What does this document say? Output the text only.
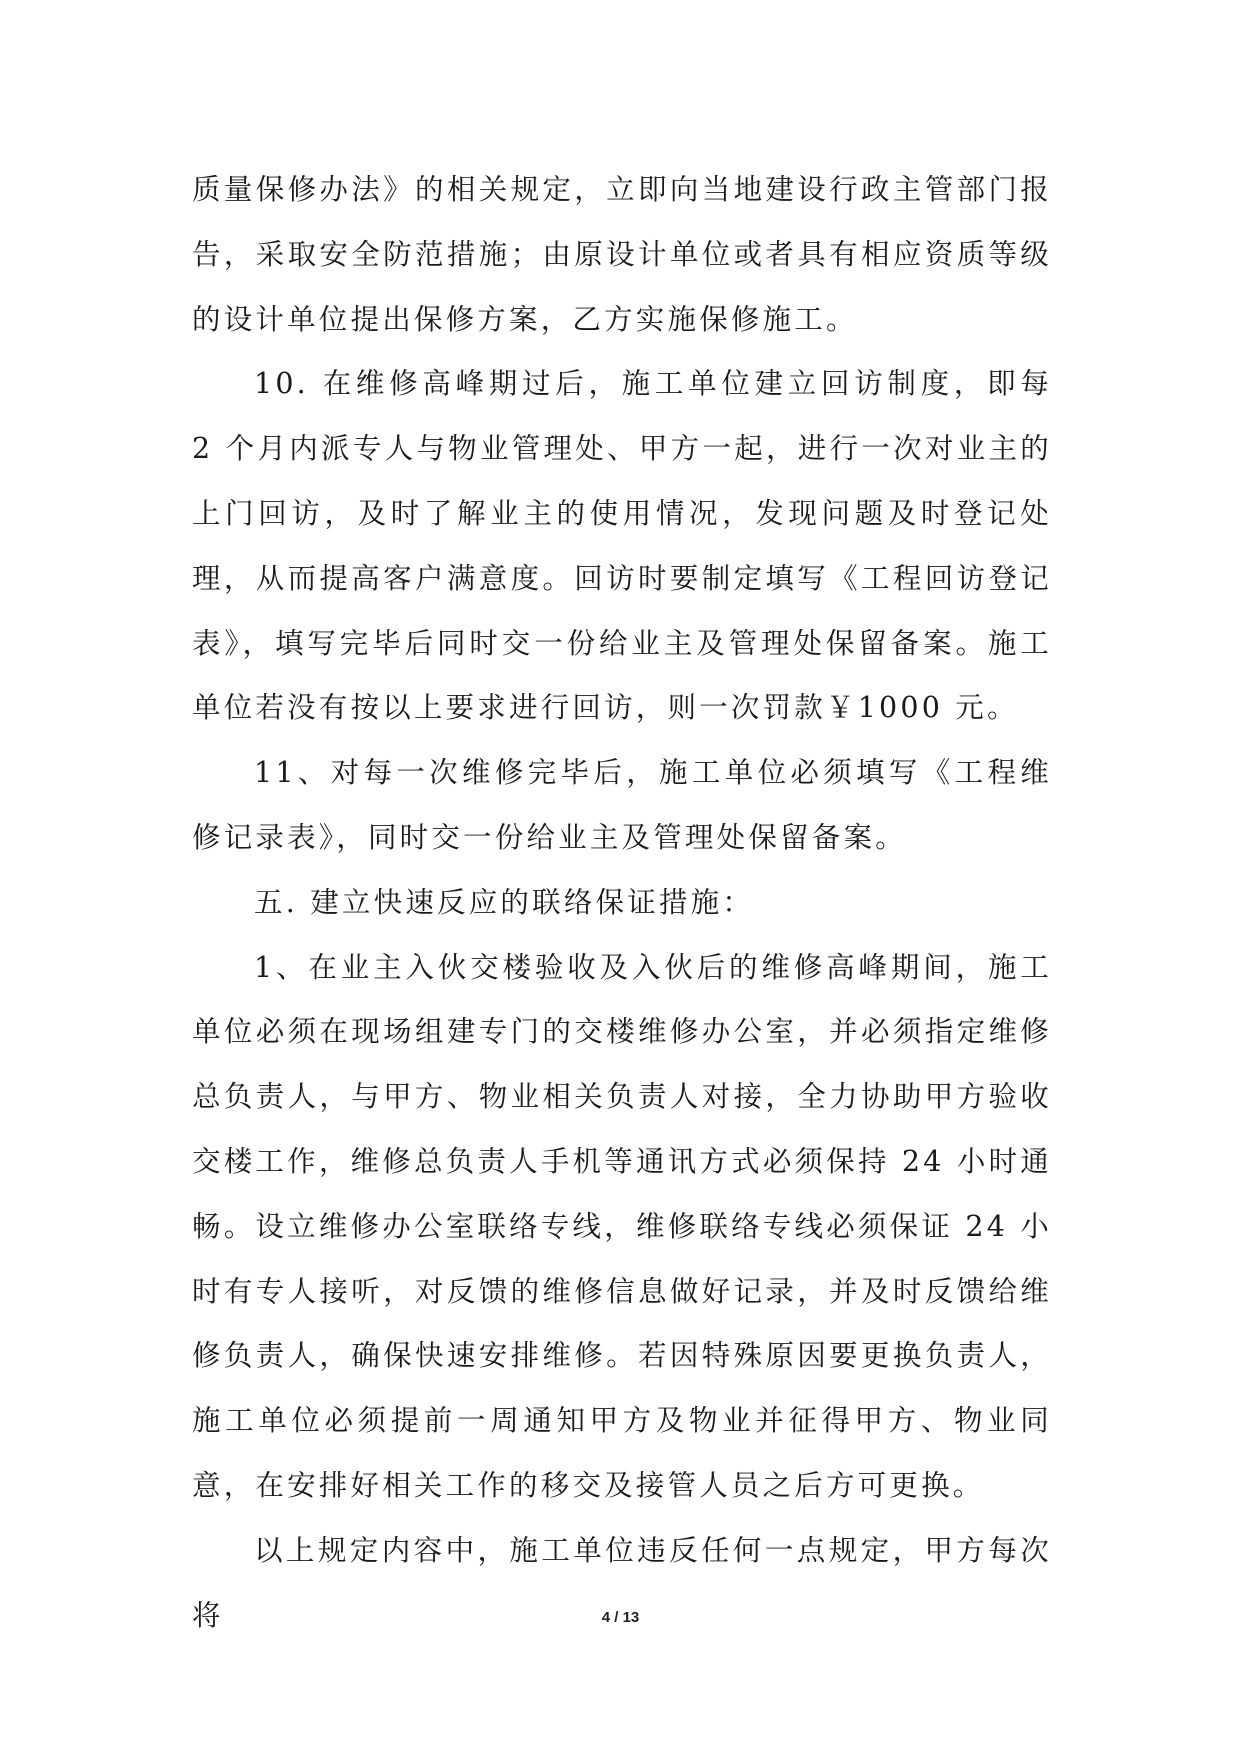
质量保修办法》的相关规定，立即向当地建设行政主管部门报告，采取安全防范措施；由原设计单位或者具有相应资质等级的设计单位提出保修方案，乙方实施保修施工。

10. 在维修高峰期过后，施工单位建立回访制度，即每 2 个月内派专人与物业管理处、甲方一起，进行一次对业主的上门回访，及时了解业主的使用情况，发现问题及时登记处理，从而提高客户满意度。回访时要制定填写《工程回访登记表》，填写完毕后同时交一份给业主及管理处保留备案。施工单位若没有按以上要求进行回访，则一次罚款￥1000 元。

11、对每一次维修完毕后，施工单位必须填写《工程维修记录表》，同时交一份给业主及管理处保留备案。

五. 建立快速反应的联络保证措施：

1、在业主入伙交楼验收及入伙后的维修高峰期间，施工单位必须在现场组建专门的交楼维修办公室，并必须指定维修总负责人，与甲方、物业相关负责人对接，全力协助甲方验收交楼工作，维修总负责人手机等通讯方式必须保持 24 小时通畅。设立维修办公室联络专线，维修联络专线必须保证 24 小时有专人接听，对反馈的维修信息做好记录，并及时反馈给维修负责人，确保快速安排维修。若因特殊原因要更换负责人，施工单位必须提前一周通知甲方及物业并征得甲方、物业同意，在安排好相关工作的移交及接管人员之后方可更换。

以上规定内容中，施工单位违反任何一点规定，甲方每次将	4 / 13
